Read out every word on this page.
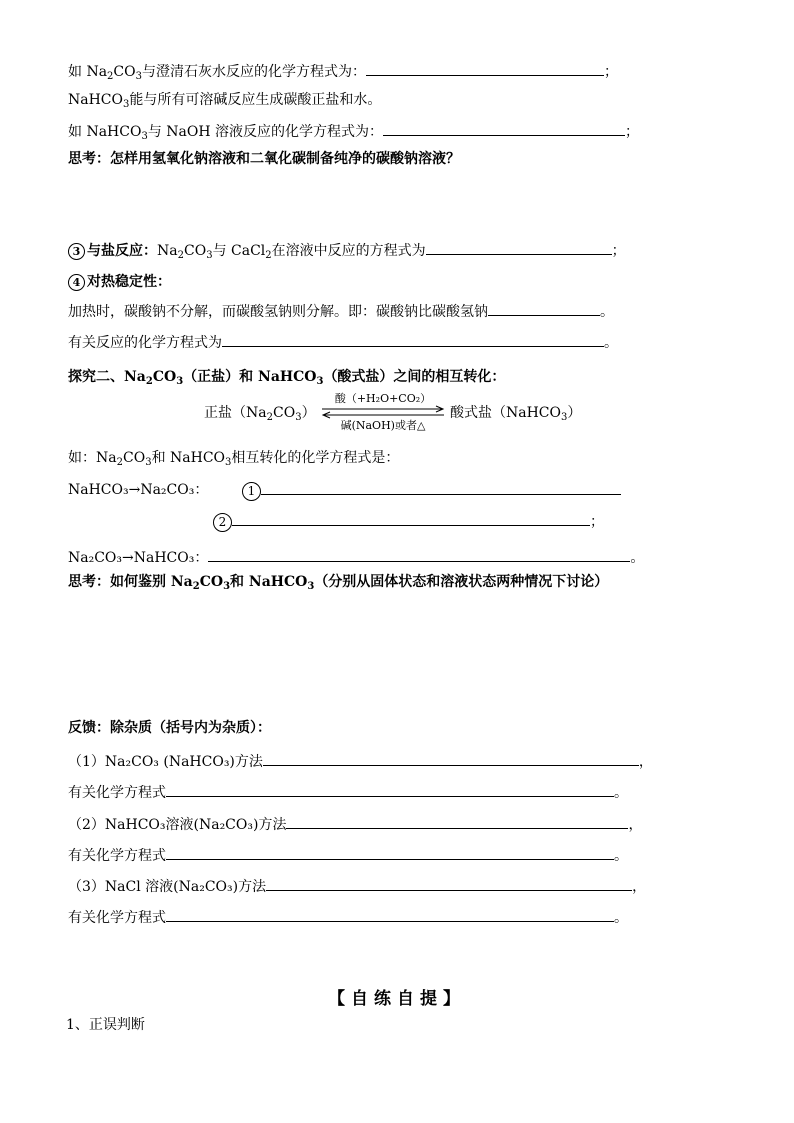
如 $Na_2CO_3$与澄清石灰水反应的化学方程式为：	；
NaHCO$_3$能与所有可溶碱反应生成碳酸正盐和水。
如 NaHCO$_3$与 NaOH 溶液反应的化学方程式为：	；
思考：怎样用氢氧化钠溶液和二氧化碳制备纯净的碳酸钠溶液？
3 与盐反应：$Na_2CO_3$与 CaCl$_2$在溶液中反应的方程式为	；
4 对热稳定性：
加热时，碳酸钠不分解，而碳酸氢钠则分解。即：碳酸钠比碳酸氢钠	。
有关反应的化学方程式为	。
探究二、$Na_2CO_3$（正盐）和 NaHCO$_3$（酸式盐）之间的相互转化：
正盐$(Na_2CO_3)$
酸（+H₂O+CO₂）
碱(NaOH)或者△
酸式盐（NaHCO$_3$）
如：$Na_2CO_3$和 NaHCO$_3$相互转化的化学方程式是：
NaHCO₃→Na₂CO₃：	1
2	；
Na₂CO₃→NaHCO₃：	。
思考：如何鉴别 $Na_2CO_3$和 NaHCO$_3$（分别从固体状态和溶液状态两种情况下讨论）
反馈：除杂质（括号内为杂质）：
（1）Na₂CO₃ (NaHCO₃)方法	，
有关化学方程式	。
（2）NaHCO₃溶液(Na₂CO₃)方法	，
有关化学方程式	。
（3）NaCl 溶液(Na₂CO₃)方法	，
有关化学方程式	。
【自练自提】
1、正误判断
